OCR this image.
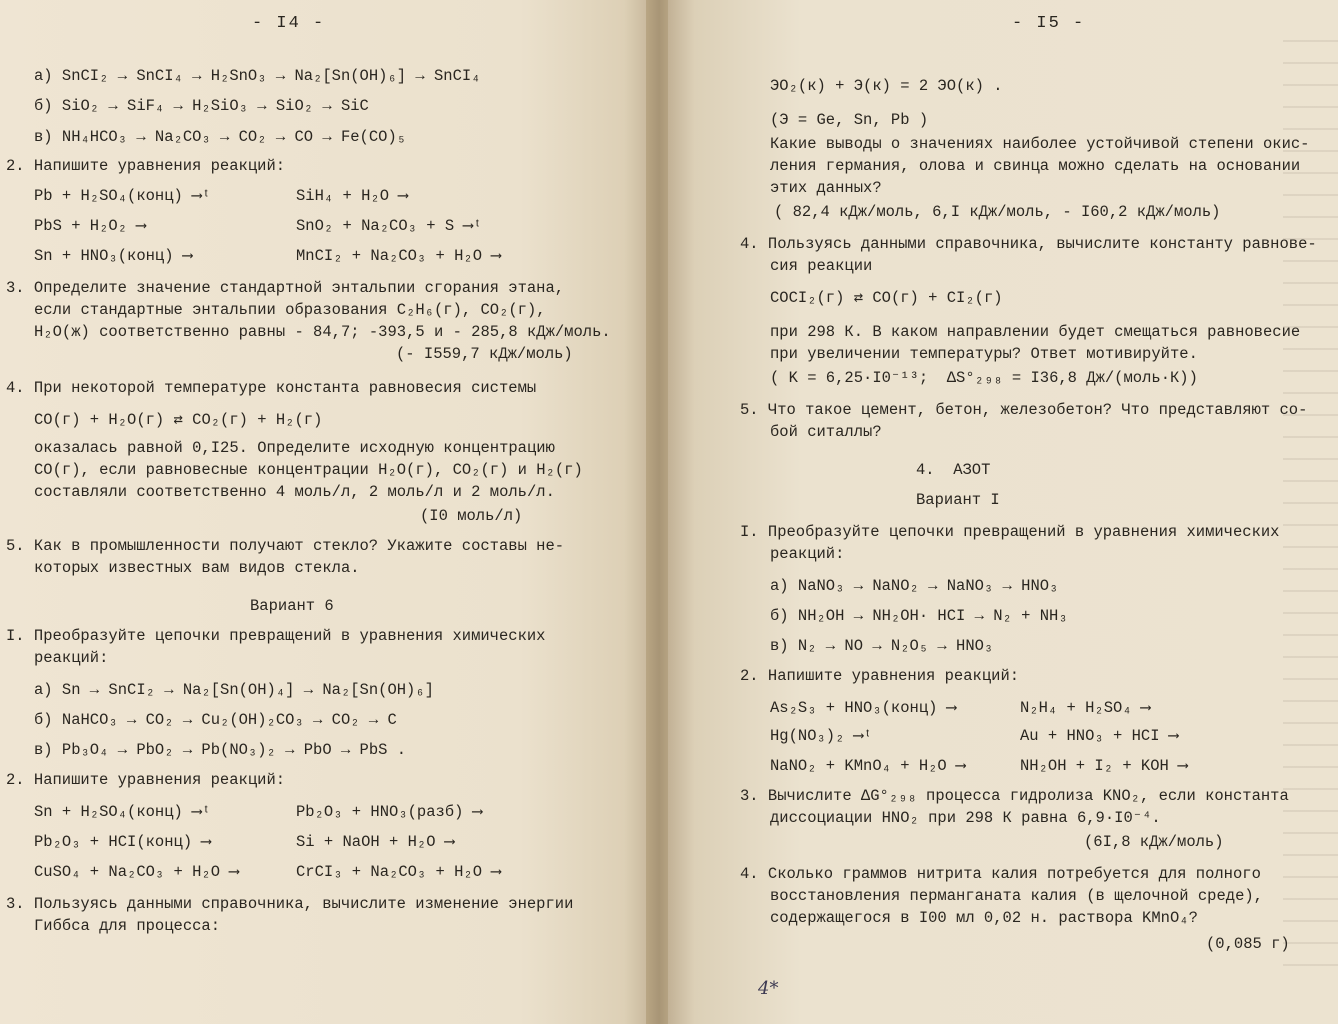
- I4 -
а) SnCI₂ → SnCI₄ → H₂SnO₃ → Na₂[Sn(OH)₆] → SnCI₄
б) SiO₂ → SiF₄ → H₂SiO₃ → SiO₂ → SiC
в) NH₄HCO₃ → Na₂CO₃ → CO₂ → CO → Fe(CO)₅
2. Напишите уравнения реакций:
Pb + H₂SO₄(конц) ⟶ᵗ	SiH₄ + H₂O ⟶
PbS + H₂O₂ ⟶	SnO₂ + Na₂CO₃ + S ⟶ᵗ
Sn + HNO₃(конц) ⟶	MnCI₂ + Na₂CO₃ + H₂O ⟶
3. Определите значение стандартной энтальпии сгорания этана,
если стандартные энтальпии образования C₂H₆(г), CO₂(г),
H₂O(ж) соответственно равны - 84,7; -393,5 и - 285,8 кДж/моль.
(- I559,7 кДж/моль)
4. При некоторой температуре константа равновесия системы
CO(г) + H₂O(г) ⇄ CO₂(г) + H₂(г)
оказалась равной 0,I25. Определите исходную концентрацию
CO(г), если равновесные концентрации H₂O(г), CO₂(г) и H₂(г)
составляли соответственно 4 моль/л, 2 моль/л и 2 моль/л.
(I0 моль/л)
5. Как в промышленности получают стекло? Укажите составы не-
которых известных вам видов стекла.
Вариант 6
I. Преобразуйте цепочки превращений в уравнения химических
реакций:
а) Sn → SnCI₂ → Na₂[Sn(OH)₄] → Na₂[Sn(OH)₆]
б) NaHCO₃ → CO₂ → Cu₂(OH)₂CO₃ → CO₂ → C
в) Pb₃O₄ → PbO₂ → Pb(NO₃)₂ → PbO → PbS .
2. Напишите уравнения реакций:
Sn + H₂SO₄(конц) ⟶ᵗ	Pb₂O₃ + HNO₃(разб) ⟶
Pb₂O₃ + HCI(конц) ⟶	Si + NaOH + H₂O ⟶
CuSO₄ + Na₂CO₃ + H₂O ⟶	CrCI₃ + Na₂CO₃ + H₂O ⟶
3. Пользуясь данными справочника, вычислите изменение энергии
Гиббса для процесса:
- I5 -
ЭO₂(к) + Э(к) = 2 ЭO(к) .
(Э = Ge, Sn, Pb )
Какие выводы о значениях наиболее устойчивой степени окис-
ления германия, олова и свинца можно сделать на основании
этих данных?
( 82,4 кДж/моль, 6,I кДж/моль, - I60,2 кДж/моль)
4. Пользуясь данными справочника, вычислите константу равнове-
сия реакции
COCI₂(г) ⇄ CO(г) + CI₂(г)
при 298 К. В каком направлении будет смещаться равновесие
при увеличении температуры? Ответ мотивируйте.
( K = 6,25·I0⁻¹³;  ΔS°₂₉₈ = I36,8 Дж/(моль·К))
5. Что такое цемент, бетон, железобетон? Что представляют со-
бой ситаллы?
4.  АЗОТ
Вариант I
I. Преобразуйте цепочки превращений в уравнения химических
реакций:
а) NaNO₃ → NaNO₂ → NaNO₃ → HNO₃
б) NH₂OH → NH₂OH· HCI → N₂ + NH₃
в) N₂ → NO → N₂O₅ → HNO₃
2. Напишите уравнения реакций:
As₂S₃ + HNO₃(конц) ⟶	N₂H₄ + H₂SO₄ ⟶
Hg(NO₃)₂ ⟶ᵗ	Au + HNO₃ + HCI ⟶
NaNO₂ + KMnO₄ + H₂O ⟶	NH₂OH + I₂ + KOH ⟶
3. Вычислите ΔG°₂₉₈ процесса гидролиза KNO₂, если константа
диссоциации HNO₂ при 298 К равна 6,9·I0⁻⁴.
(6I,8 кДж/моль)
4. Сколько граммов нитрита калия потребуется для полного
восстановления перманганата калия (в щелочной среде),
содержащегося в I00 мл 0,02 н. раствора KMnO₄?
(0,085 г)
4*
